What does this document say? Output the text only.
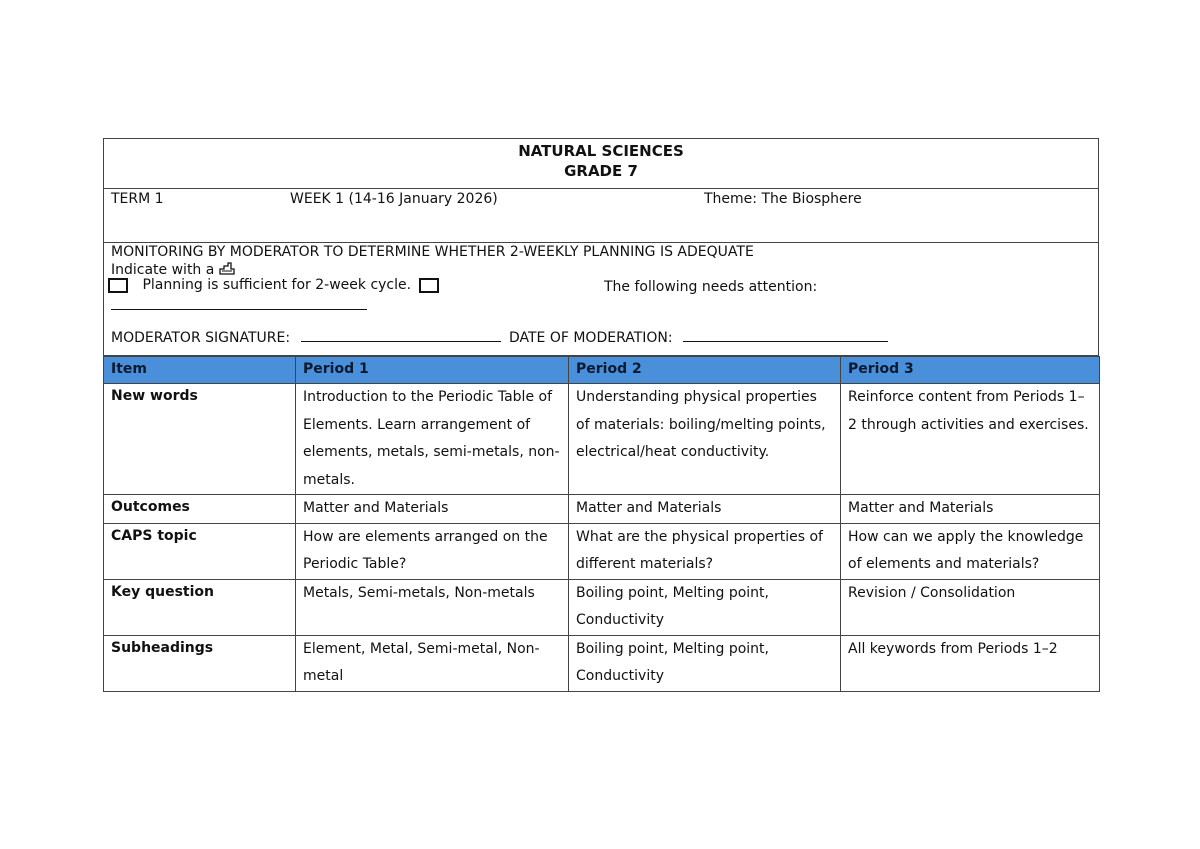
NATURAL SCIENCES
GRADE 7
TERM 1	WEEK 1 (14-16 January 2026)	Theme: The Biosphere
MONITORING BY MODERATOR TO DETERMINE WHETHER 2-WEEKLY PLANNING IS ADEQUATE
Indicate with a
Planning is sufficient for 2-week cycle.	The following needs attention:
MODERATOR SIGNATURE:	DATE OF MODERATION:
Item	Period 1	Period 2	Period 3
New words	Introduction to the Periodic Table of Elements. Learn arrangement of elements, metals, semi-metals, non-metals.	Understanding physical properties of materials: boiling/melting points, electrical/heat conductivity.	Reinforce content from Periods 1–2 through activities and exercises.
Outcomes	Matter and Materials	Matter and Materials	Matter and Materials
CAPS topic	How are elements arranged on the Periodic Table?	What are the physical properties of different materials?	How can we apply the knowledge of elements and materials?
Key question	Metals, Semi-metals, Non-metals	Boiling point, Melting point, Conductivity	Revision / Consolidation
Subheadings	Element, Metal, Semi-metal, Non-metal	Boiling point, Melting point, Conductivity	All keywords from Periods 1–2
